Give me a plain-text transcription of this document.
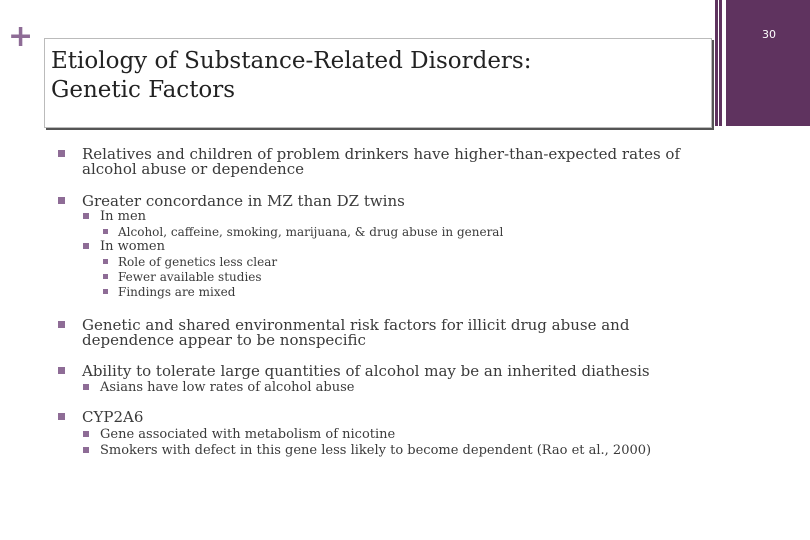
+	30
Etiology of Substance-Related Disorders:
Genetic Factors

Relatives and children of problem drinkers have higher-than-expected rates of

alcohol abuse or dependence

Greater concordance in MZ than DZ twins

In men

Alcohol, caffeine, smoking, marijuana, & drug abuse in general

In women

Role of genetics less clear

Fewer available studies

Findings are mixed

Genetic and shared environmental risk factors for illicit drug abuse and

dependence appear to be nonspecific

Ability to tolerate large quantities of alcohol may be an inherited diathesis

Asians have low rates of alcohol abuse

CYP2A6

Gene associated with metabolism of nicotine

Smokers with defect in this gene less likely to become dependent (Rao et al., 2000)
